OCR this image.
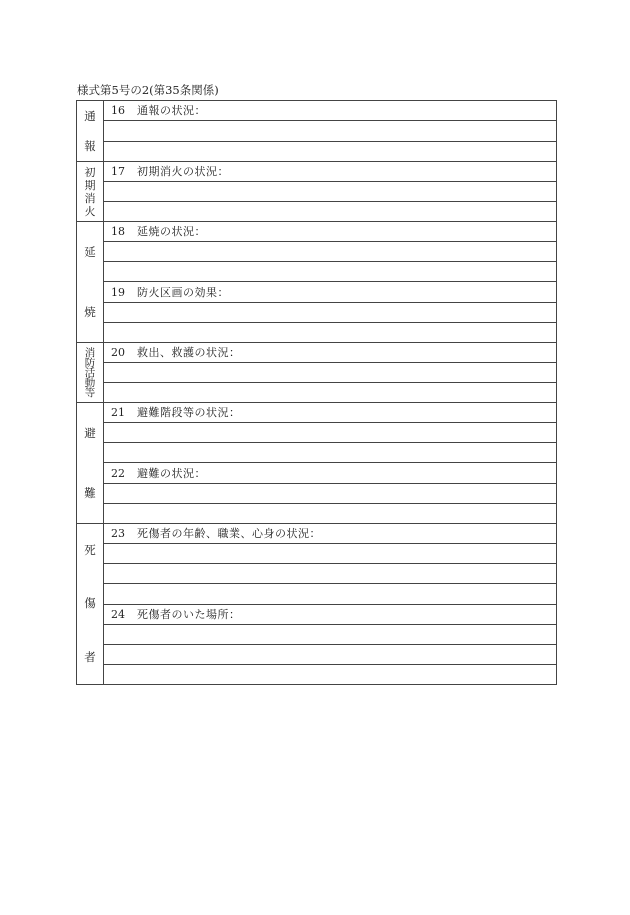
様式第5号の2(第35条関係)
通
報	16 通報の状況：

初
期
消
火	17 初期消火の状況：

延
焼	18 延焼の状況：

	19 防火区画の効果：

消
防
活
動
等	20 救出、救護の状況：

避
難	21 避難階段等の状況：

	22 避難の状況：

死
傷
者	23 死傷者の年齢、職業、心身の状況：

	24 死傷者のいた場所：
